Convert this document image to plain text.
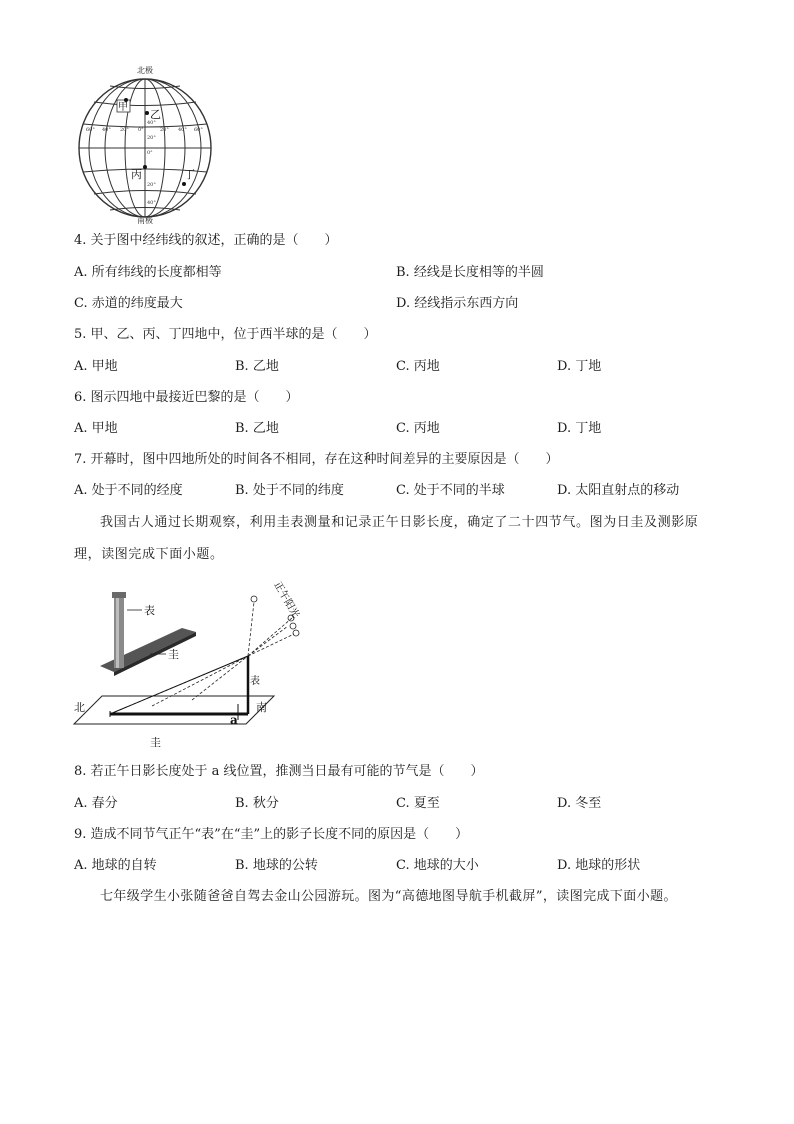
北极
40°
20°
0°
20°
40°
60° 40° 20° 0°	20° 40° 60°
甲
乙
丙	丁
南极
4. 关于图中经纬线的叙述，正确的是（　　）
A. 所有纬线的长度都相等	B. 经线是长度相等的半圆
C. 赤道的纬度最大	D. 经线指示东西方向
5. 甲、乙、丙、丁四地中，位于西半球的是（　　）
A. 甲地	B. 乙地	C. 丙地	D. 丁地
6. 图示四地中最接近巴黎的是（　　）
A. 甲地	B. 乙地	C. 丙地	D. 丁地
7. 开幕时，图中四地所处的时间各不相同，存在这种时间差异的主要原因是（　　）
A. 处于不同的经度	B. 处于不同的纬度	C. 处于不同的半球	D. 太阳直射点的移动
我国古人通过长期观察，利用圭表测量和记录正午日影长度，确定了二十四节气。图为日圭及测影原
理，读图完成下面小题。
表
圭
北	南
表
正午阳光
a
圭
8. 若正午日影长度处于 a 线位置，推测当日最有可能的节气是（　　）
A. 春分	B. 秋分	C. 夏至	D. 冬至
9. 造成不同节气正午“表”在“圭”上的影子长度不同的原因是（　　）
A. 地球的自转	B. 地球的公转	C. 地球的大小	D. 地球的形状
七年级学生小张随爸爸自驾去金山公园游玩。图为“高德地图导航手机截屏”，读图完成下面小题。
